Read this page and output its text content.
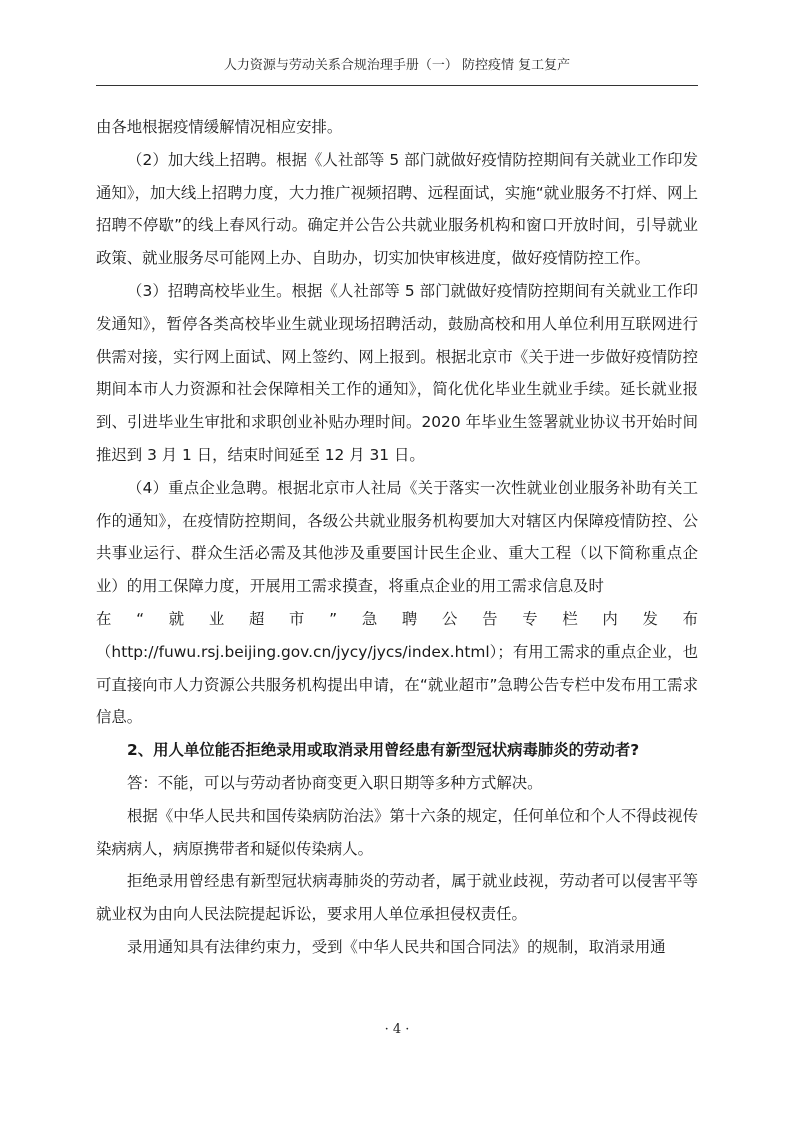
人力资源与劳动关系合规治理手册（一） 防控疫情 复工复产

由各地根据疫情缓解情况相应安排。

（2）加大线上招聘。根据《人社部等 5 部门就做好疫情防控期间有关就业工作印发通知》，加大线上招聘力度，大力推广视频招聘、远程面试，实施“就业服务不打烊、网上招聘不停歇”的线上春风行动。确定并公告公共就业服务机构和窗口开放时间，引导就业政策、就业服务尽可能网上办、自助办，切实加快审核进度，做好疫情防控工作。

（3）招聘高校毕业生。根据《人社部等 5 部门就做好疫情防控期间有关就业工作印发通知》，暂停各类高校毕业生就业现场招聘活动，鼓励高校和用人单位利用互联网进行供需对接，实行网上面试、网上签约、网上报到。根据北京市《关于进一步做好疫情防控期间本市人力资源和社会保障相关工作的通知》，简化优化毕业生就业手续。延长就业报到、引进毕业生审批和求职创业补贴办理时间。2020 年毕业生签署就业协议书开始时间推迟到 3 月 1 日，结束时间延至 12 月 31 日。

（4）重点企业急聘。根据北京市人社局《关于落实一次性就业创业服务补助有关工作的通知》，在疫情防控期间，各级公共就业服务机构要加大对辖区内保障疫情防控、公共事业运行、群众生活必需及其他涉及重要国计民生企业、重大工程（以下简称重点企业）的用工保障力度，开展用工需求摸查，将重点企业的用工需求信息及时

在“就业超市”急聘公告专栏内发布

（http://fuwu.rsj.beijing.gov.cn/jycy/jycs/index.html）；有用工需求的重点企业，也可直接向市人力资源公共服务机构提出申请，在“就业超市”急聘公告专栏中发布用工需求信息。

2、用人单位能否拒绝录用或取消录用曾经患有新型冠状病毒肺炎的劳动者?

答：不能，可以与劳动者协商变更入职日期等多种方式解决。

根据《中华人民共和国传染病防治法》第十六条的规定，任何单位和个人不得歧视传染病病人，病原携带者和疑似传染病人。

拒绝录用曾经患有新型冠状病毒肺炎的劳动者，属于就业歧视，劳动者可以侵害平等就业权为由向人民法院提起诉讼，要求用人单位承担侵权责任。

录用通知具有法律约束力，受到《中华人民共和国合同法》的规制，取消录用通

· 4 ·
